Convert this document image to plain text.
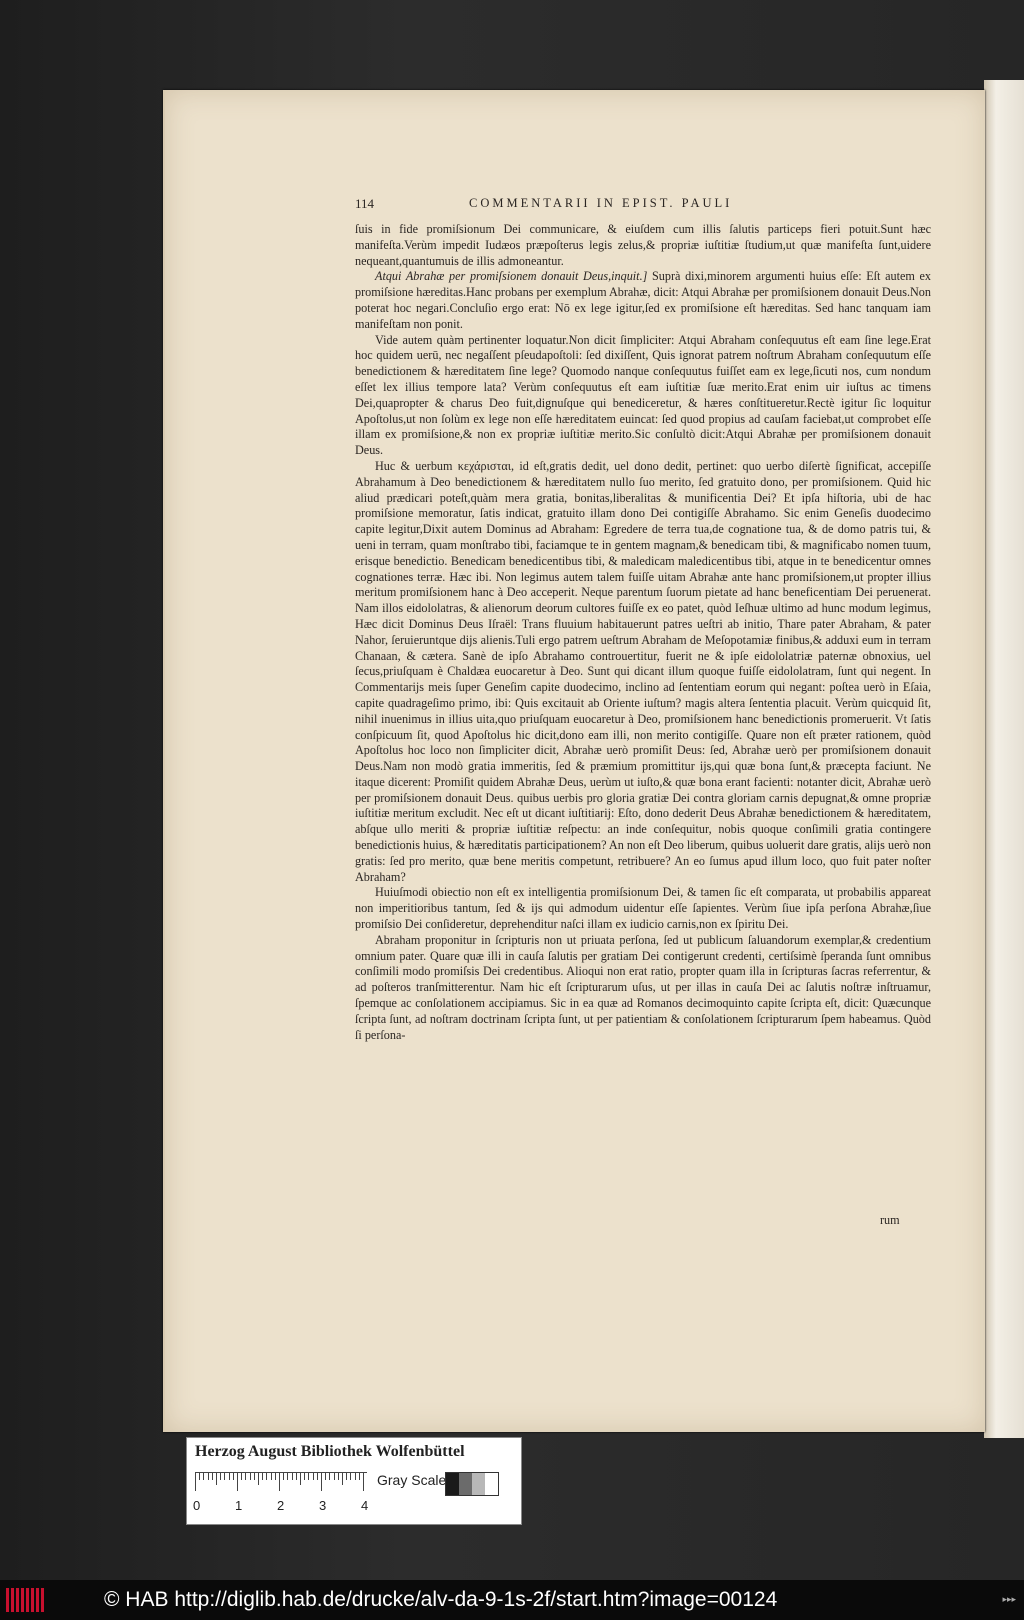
114	COMMENTARII IN EPIST. PAULI

ſuis in fide promiſsionum Dei communicare, & eiuſdem cum illis ſalutis particeps fieri potuit.Sunt hæc manifeſta.Verùm impedit Iudæos præpoſterus legis zelus,& propriæ iuſtitiæ ſtudium,ut quæ manifeſta ſunt,uidere nequeant,quantumuis de illis admoneantur.

Atqui Abrahæ per promiſsionem donauit Deus,inquit.] Suprà dixi,minorem argumenti huius eſſe: Eſt autem ex promiſsione hæreditas.Hanc probans per exemplum Abrahæ, dicit: Atqui Abrahæ per promiſsionem donauit Deus.Non poterat hoc negari.Concluſio ergo erat: Nō ex lege igitur,ſed ex promiſsione eſt hæreditas. Sed hanc tanquam iam manifeſtam non ponit.

Vide autem quàm pertinenter loquatur.Non dicit ſimpliciter: Atqui Abraham conſequutus eſt eam ſine lege.Erat hoc quidem uerū, nec negaſſent pſeudapoſtoli: ſed dixiſſent, Quis ignorat patrem noſtrum Abraham conſequutum eſſe benedictionem & hæreditatem ſine lege? Quomodo nanque conſequutus fuiſſet eam ex lege,ſicuti nos, cum nondum eſſet lex illius tempore lata? Verùm conſequutus eſt eam iuſtitiæ ſuæ merito.Erat enim uir iuſtus ac timens Dei,quapropter & charus Deo fuit,dignuſque qui benediceretur, & hæres conſtitueretur.Rectè igitur ſic loquitur Apoſtolus,ut non ſolùm ex lege non eſſe hæreditatem euincat: ſed quod propius ad cauſam faciebat,ut comprobet eſſe illam ex promiſsione,& non ex propriæ iuſtitiæ merito.Sic conſultò dicit:Atqui Abrahæ per promiſsionem donauit Deus.

Huc & uerbum κεχάρισται, id eſt,gratis dedit, uel dono dedit, pertinet: quo uerbo diſertè ſignificat, accepiſſe Abrahamum à Deo benedictionem & hæreditatem nullo ſuo merito, ſed gratuito dono, per promiſsionem. Quid hic aliud prædicari poteſt,quàm mera gratia, bonitas,liberalitas & munificentia Dei? Et ipſa hiſtoria, ubi de hac promiſsione memoratur, ſatis indicat, gratuito illam dono Dei contigiſſe Abrahamo. Sic enim Geneſis duodecimo capite legitur,Dixit autem Dominus ad Abraham: Egredere de terra tua,de cognatione tua, & de domo patris tui, & ueni in terram, quam monſtrabo tibi, faciamque te in gentem magnam,& benedicam tibi, & magnificabo nomen tuum, erisque benedictio. Benedicam benedicentibus tibi, & maledicam maledicentibus tibi, atque in te benedicentur omnes cognationes terræ. Hæc ibi. Non legimus autem talem fuiſſe uitam Abrahæ ante hanc promiſsionem,ut propter illius meritum promiſsionem hanc à Deo acceperit. Neque parentum ſuorum pietate ad hanc beneficentiam Dei peruenerat. Nam illos eidololatras, & alienorum deorum cultores fuiſſe ex eo patet, quòd Ieſhuæ ultimo ad hunc modum legimus, Hæc dicit Dominus Deus Iſraël: Trans fluuium habitauerunt patres ueſtri ab initio, Thare pater Abraham, & pater Nahor, ſeruieruntque dijs alienis.Tuli ergo patrem ueſtrum Abraham de Meſopotamiæ finibus,& adduxi eum in terram Chanaan, & cætera. Sanè de ipſo Abrahamo controuertitur, fuerit ne & ipſe eidololatriæ paternæ obnoxius, uel ſecus,priuſquam è Chaldæa euocaretur à Deo. Sunt qui dicant illum quoque fuiſſe eidololatram, ſunt qui negent. In Commentarijs meis ſuper Geneſim capite duodecimo, inclino ad ſententiam eorum qui negant: poſtea uerò in Eſaia, capite quadrageſimo primo, ibi: Quis excitauit ab Oriente iuſtum? magis altera ſententia placuit. Verùm quicquid ſit, nihil inuenimus in illius uita,quo priuſquam euocaretur à Deo, promiſsionem hanc benedictionis promeruerit. Vt ſatis conſpicuum ſit, quod Apoſtolus hic dicit,dono eam illi, non merito contigiſſe. Quare non eſt præter rationem, quòd Apoſtolus hoc loco non ſimpliciter dicit, Abrahæ uerò promiſit Deus: ſed, Abrahæ uerò per promiſsionem donauit Deus.Nam non modò gratia immeritis, ſed & præmium promittitur ijs,qui quæ bona ſunt,& præcepta faciunt. Ne itaque dicerent: Promiſit quidem Abrahæ Deus, uerùm ut iuſto,& quæ bona erant facienti: notanter dicit, Abrahæ uerò per promiſsionem donauit Deus. quibus uerbis pro gloria gratiæ Dei contra gloriam carnis depugnat,& omne propriæ iuſtitiæ meritum excludit. Nec eſt ut dicant iuſtitiarij: Eſto, dono dederit Deus Abrahæ benedictionem & hæreditatem, abſque ullo meriti & propriæ iuſtitiæ reſpectu: an inde conſequitur, nobis quoque conſimili gratia contingere benedictionis huius, & hæreditatis participationem? An non eſt Deo liberum, quibus uoluerit dare gratis, alijs uerò non gratis: ſed pro merito, quæ bene meritis competunt, retribuere? An eo ſumus apud illum loco, quo fuit pater noſter Abraham?

Huiuſmodi obiectio non eſt ex intelligentia promiſsionum Dei, & tamen ſic eſt comparata, ut probabilis appareat non imperitioribus tantum, ſed & ijs qui admodum uidentur eſſe ſapientes. Verùm ſiue ipſa perſona Abrahæ,ſiue promiſsio Dei conſideretur, deprehenditur naſci illam ex iudicio carnis,non ex ſpiritu Dei.

Abraham proponitur in ſcripturis non ut priuata perſona, ſed ut publicum ſaluandorum exemplar,& credentium omnium pater. Quare quæ illi in cauſa ſalutis per gratiam Dei contigerunt credenti, certiſsimè ſperanda ſunt omnibus conſimili modo promiſsis Dei credentibus. Alioqui non erat ratio, propter quam illa in ſcripturas ſacras referrentur, & ad poſteros tranſmitterentur. Nam hic eſt ſcripturarum uſus, ut per illas in cauſa Dei ac ſalutis noſtræ inſtruamur, ſpemque ac conſolationem accipiamus. Sic in ea quæ ad Romanos decimoquinto capite ſcripta eſt, dicit: Quæcunque ſcripta ſunt, ad noſtram doctrinam ſcripta ſunt, ut per patientiam & conſolationem ſcripturarum ſpem habeamus. Quòd ſi perſona-

rum
Herzog August Bibliothek Wolfenbüttel
0	1	2	3	4
Gray Scale
© HAB http://diglib.hab.de/drucke/alv-da-9-1s-2f/start.htm?image=00124	▸▸▸
